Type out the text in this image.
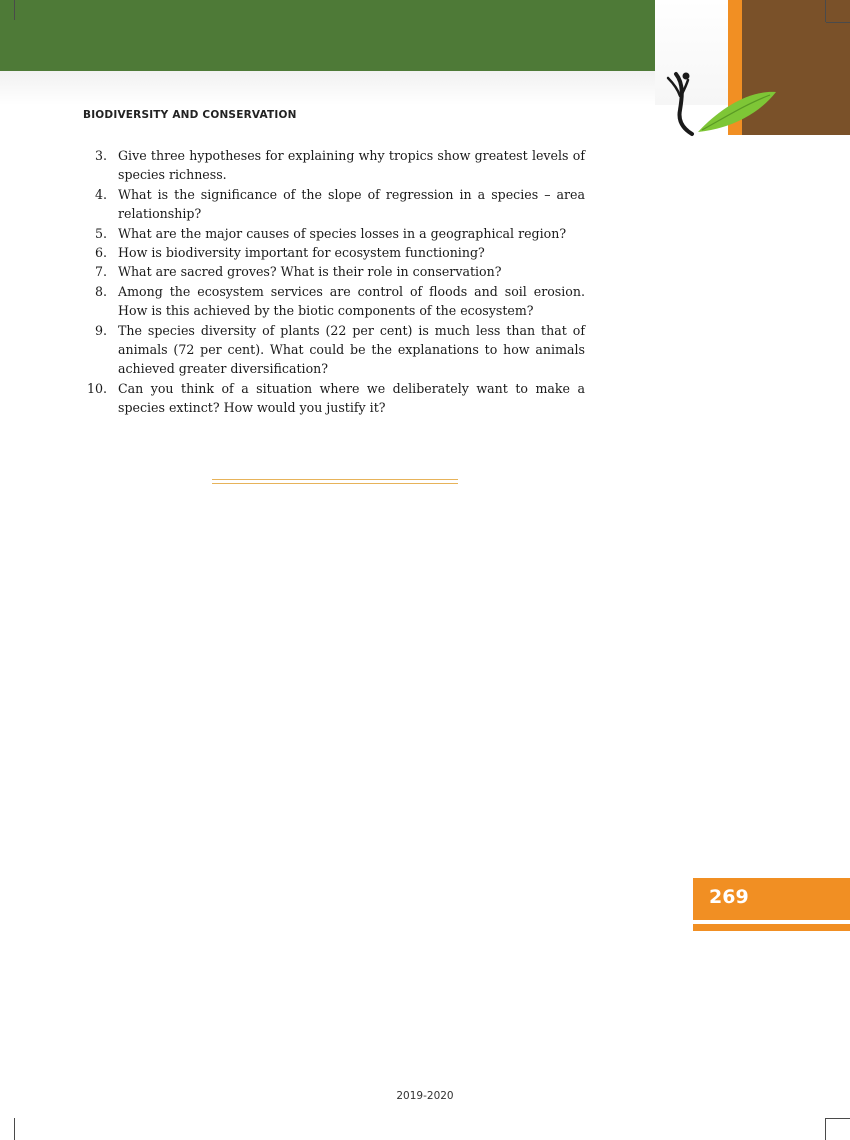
BIODIVERSITY AND CONSERVATION
3. Give three hypotheses for explaining why tropics show greatest levels of species richness.
4. What is the significance of the slope of regression in a species – area relationship?
5. What are the major causes of species losses in a geographical region?
6. How is biodiversity important for ecosystem functioning?
7. What are sacred groves? What is their role in conservation?
8. Among the ecosystem services are control of floods and soil erosion. How is this achieved by the biotic components of the ecosystem?
9. The species diversity of plants (22 per cent) is much less than that of animals (72 per cent). What could be the explanations to how animals achieved greater diversification?
10. Can you think of a situation where we deliberately want to make a species extinct? How would you justify it?
269
2019-2020
